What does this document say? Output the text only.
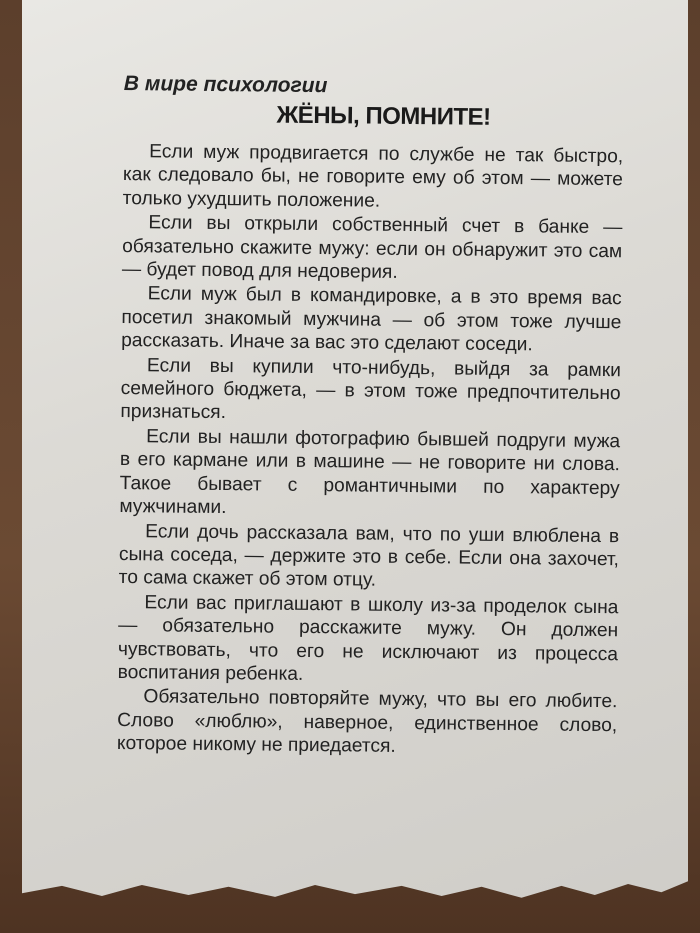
В мире психологии
ЖЁНЫ, ПОМНИТЕ!

Если муж продвигается по службе не так быстро, как следовало бы, не говорите ему об этом — можете только ухудшить положение.

Если вы открыли собственный счет в банке — обязательно скажите мужу: если он обнаружит это сам — будет повод для недоверия.

Если муж был в командировке, а в это время вас посетил знакомый мужчина — об этом тоже лучше рассказать. Иначе за вас это сделают соседи.

Если вы купили что-нибудь, выйдя за рамки семейного бюджета, — в этом тоже предпочтительно признаться.

Если вы нашли фотографию бывшей подруги мужа в его кармане или в машине — не говорите ни слова. Такое бывает с романтичными по характеру мужчинами.

Если дочь рассказала вам, что по уши влюблена в сына соседа, — держите это в себе. Если она захочет, то сама скажет об этом отцу.

Если вас приглашают в школу из-за проделок сына — обязательно расскажите мужу. Он должен чувствовать, что его не исключают из процесса воспитания ребенка.

Обязательно повторяйте мужу, что вы его любите. Слово «люблю», наверное, единственное слово, которое никому не приедается.
